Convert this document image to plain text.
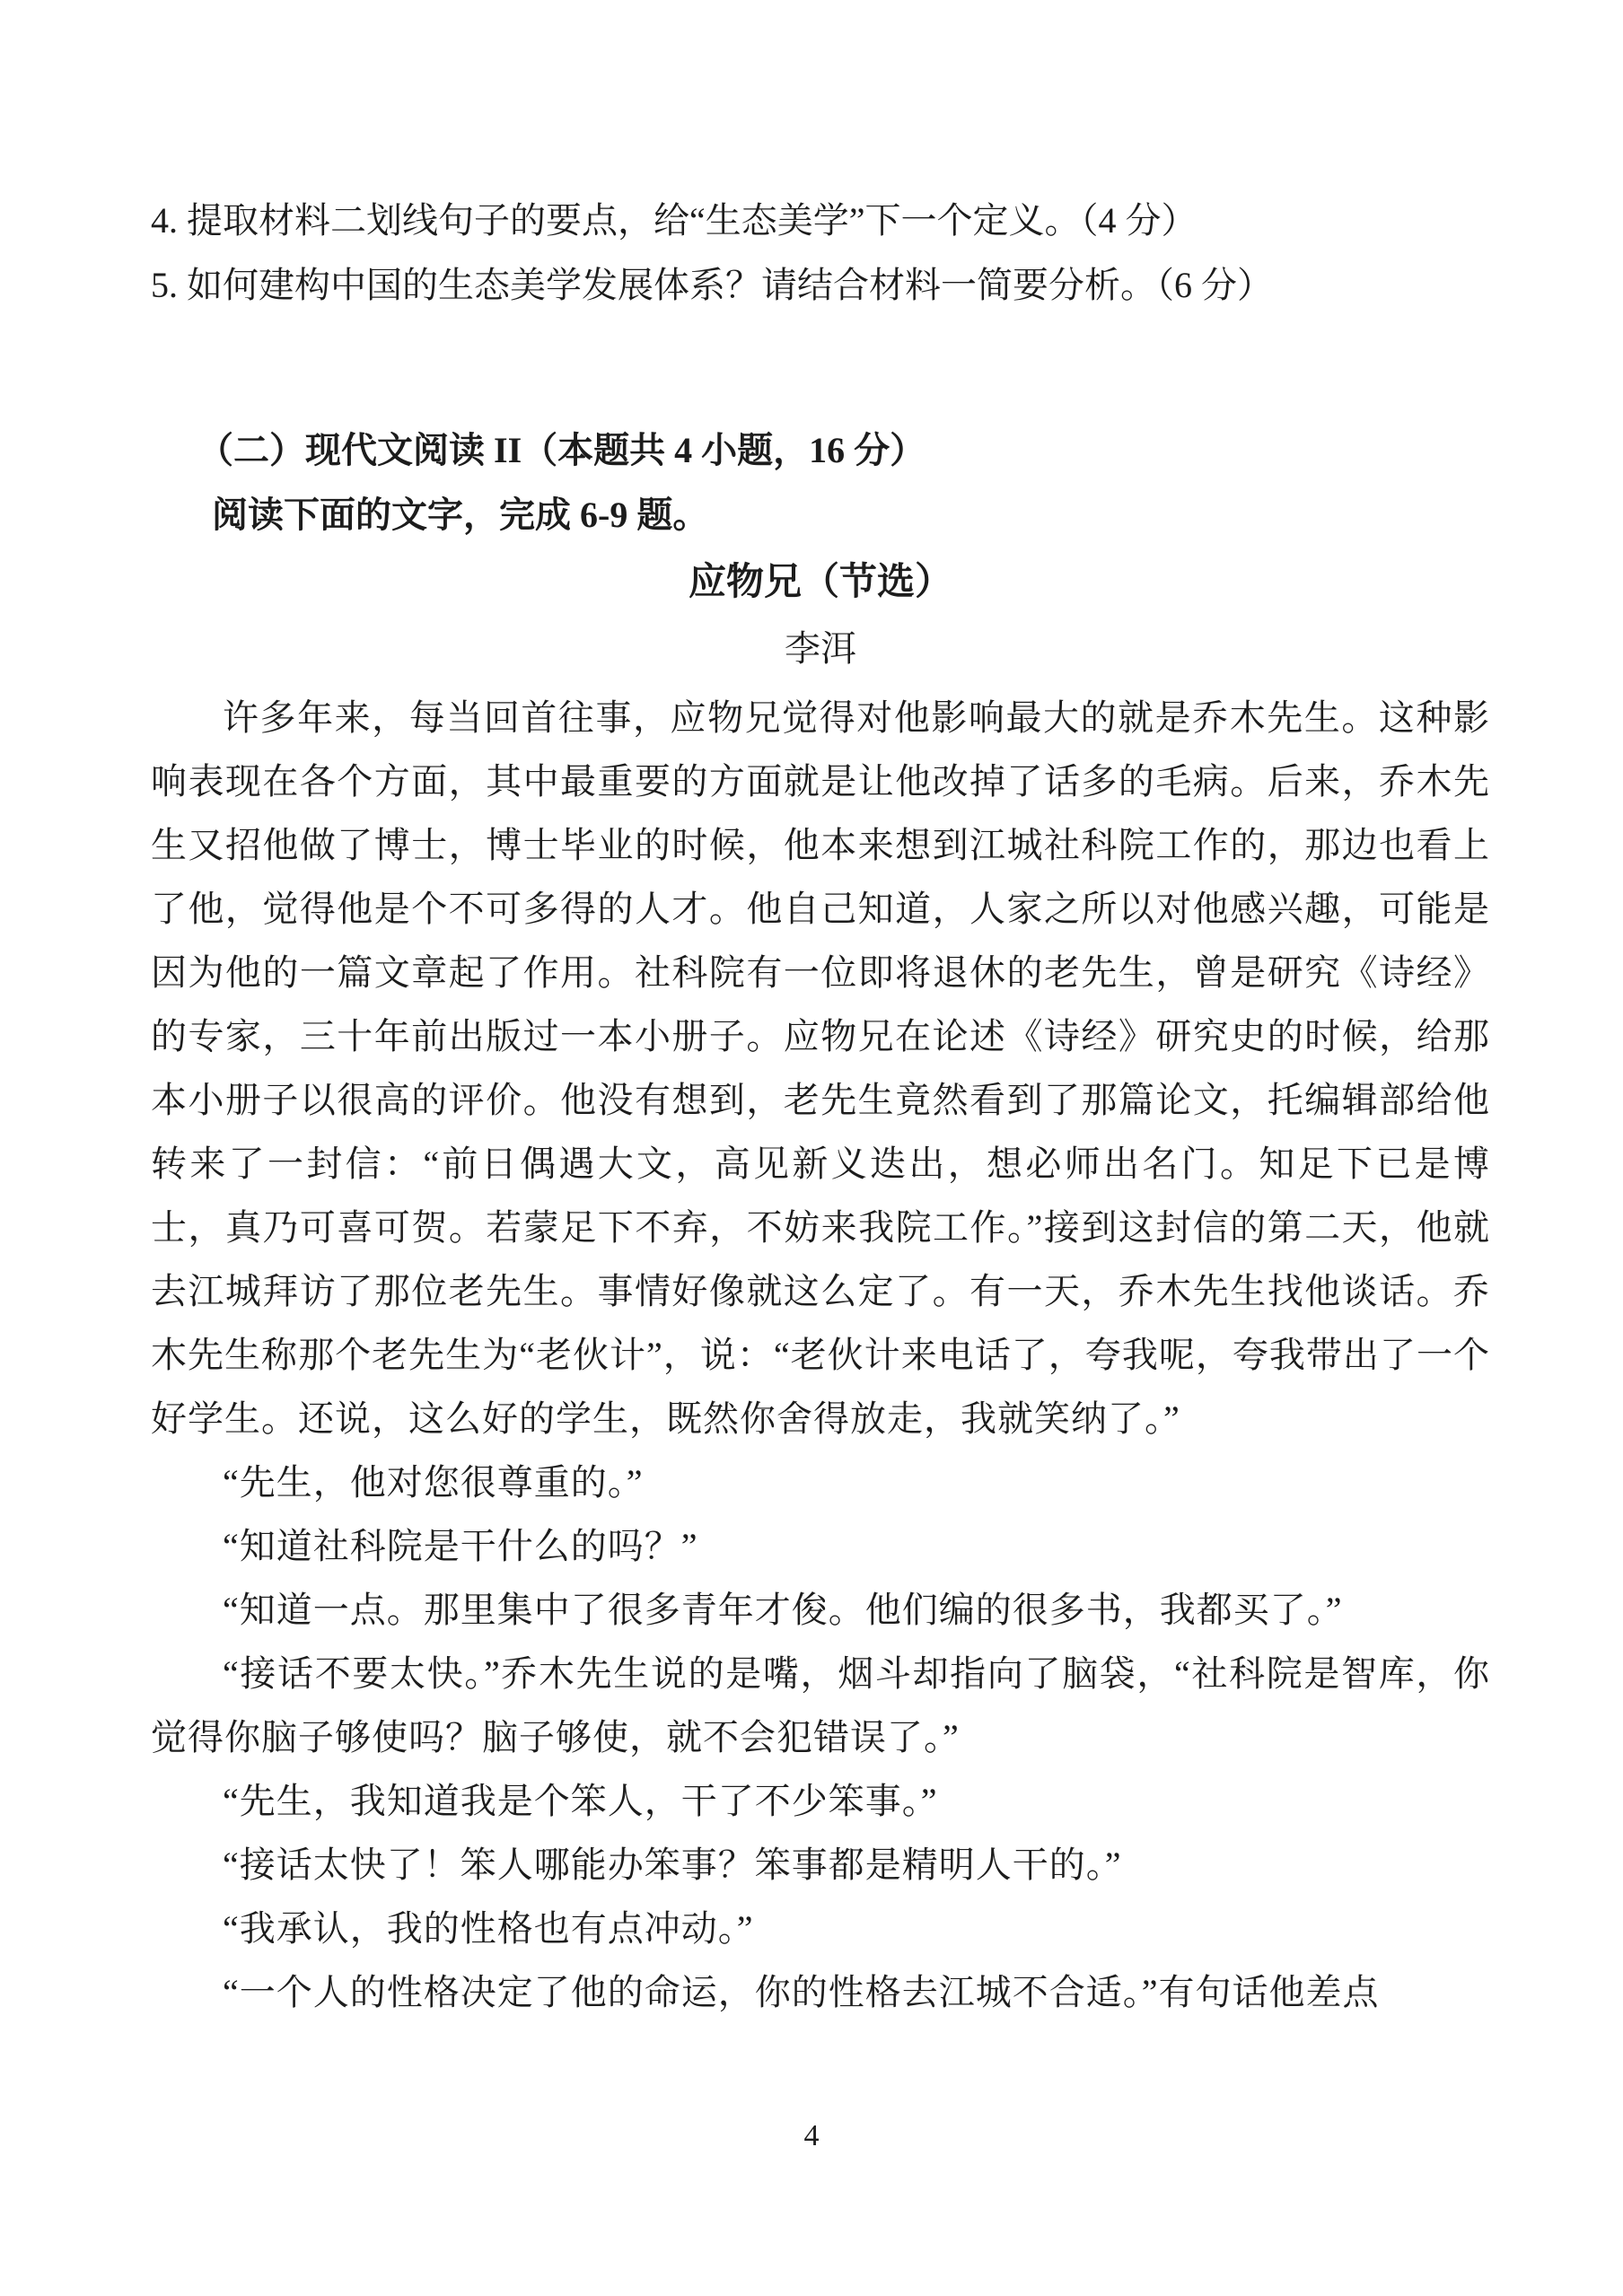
4. 提取材料二划线句子的要点，给“生态美学”下一个定义。（4 分）
5. 如何建构中国的生态美学发展体系？请结合材料一简要分析。（6 分）
（二）现代文阅读 II（本题共 4 小题，16 分）
阅读下面的文字，完成 6-9 题。
应物兄（节选）
李洱
许多年来，每当回首往事，应物兄觉得对他影响最大的就是乔木先生。这种影响表现在各个方面，其中最重要的方面就是让他改掉了话多的毛病。后来，乔木先生又招他做了博士，博士毕业的时候，他本来想到江城社科院工作的，那边也看上了他，觉得他是个不可多得的人才。他自己知道，人家之所以对他感兴趣，可能是因为他的一篇文章起了作用。社科院有一位即将退休的老先生，曾是研究《诗经》的专家，三十年前出版过一本小册子。应物兄在论述《诗经》研究史的时候，给那本小册子以很高的评价。他没有想到，老先生竟然看到了那篇论文，托编辑部给他转来了一封信：“前日偶遇大文，高见新义迭出，想必师出名门。知足下已是博士，真乃可喜可贺。若蒙足下不弃，不妨来我院工作。”接到这封信的第二天，他就去江城拜访了那位老先生。事情好像就这么定了。有一天，乔木先生找他谈话。乔木先生称那个老先生为“老伙计”，说：“老伙计来电话了，夸我呢，夸我带出了一个好学生。还说，这么好的学生，既然你舍得放走，我就笑纳了。”
“先生，他对您很尊重的。”
“知道社科院是干什么的吗？”
“知道一点。那里集中了很多青年才俊。他们编的很多书，我都买了。”
“接话不要太快。”乔木先生说的是嘴，烟斗却指向了脑袋，“社科院是智库，你觉得你脑子够使吗？脑子够使，就不会犯错误了。”
“先生，我知道我是个笨人，干了不少笨事。”
“接话太快了！笨人哪能办笨事？笨事都是精明人干的。”
“我承认，我的性格也有点冲动。”
“一个人的性格决定了他的命运，你的性格去江城不合适。”有句话他差点
4
